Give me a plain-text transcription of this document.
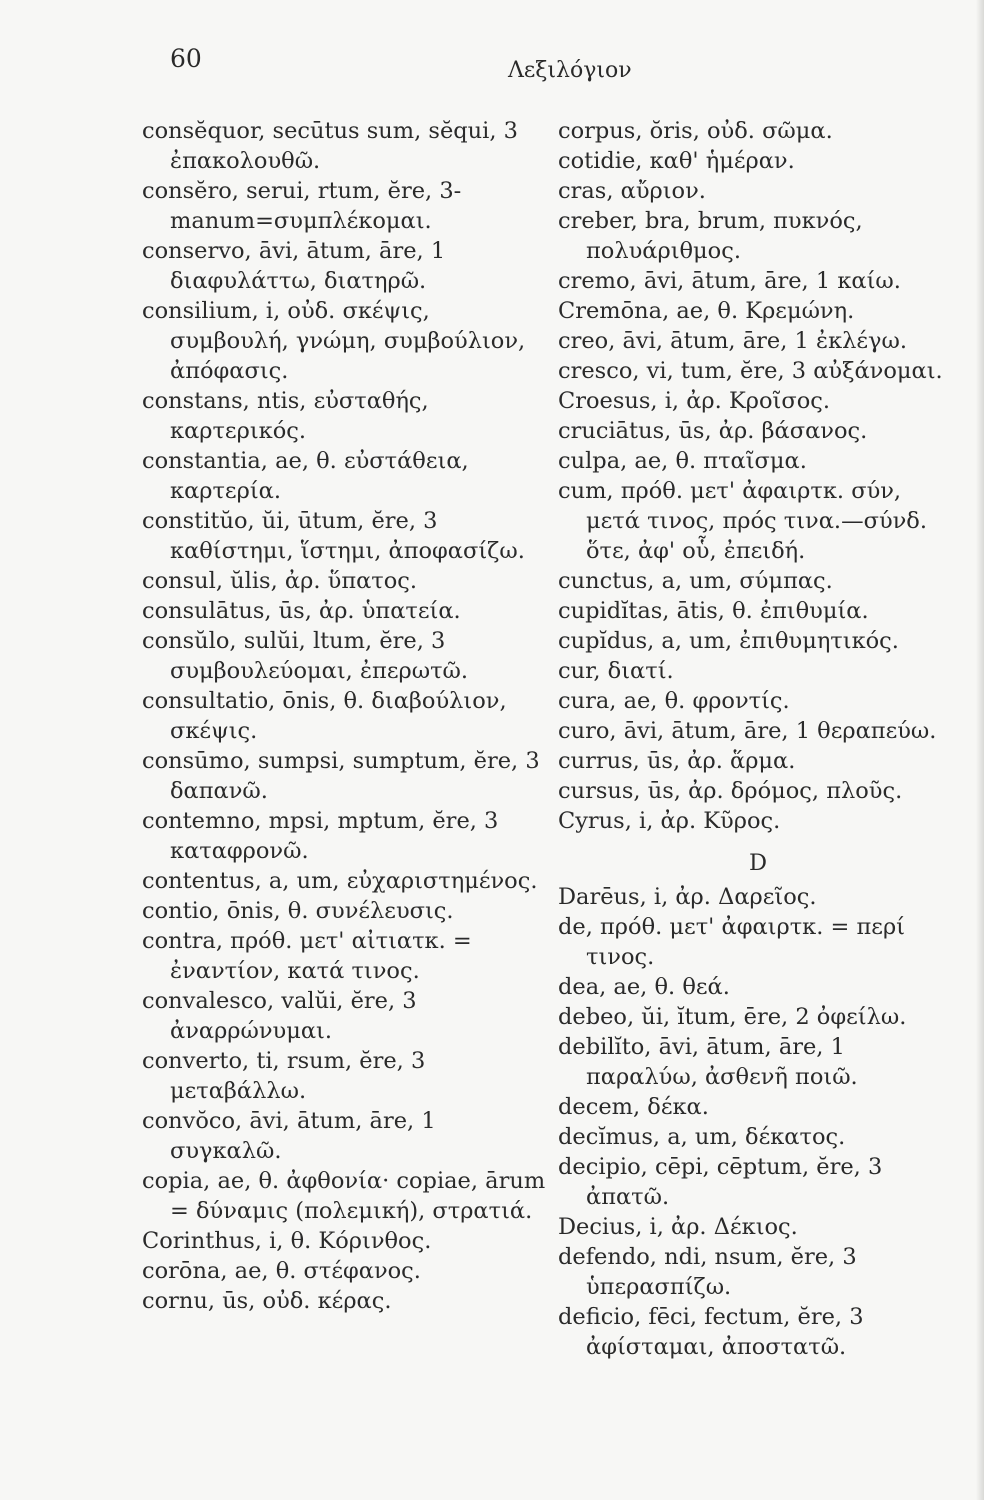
60	Λεξιλόγιον

consĕquor, secūtus sum, sĕqui, 3 ἐπακολουθῶ.

consĕro, serui, rtum, ĕre, 3-manum=συμπλέκομαι.

conservo, āvi, ātum, āre, 1 διαφυλάττω, διατηρῶ.

consilium, i, οὐδ. σκέψις, συμβουλή, γνώμη, συμβούλιον, ἀπόφασις.

constans, ntis, εὐσταθής, καρτερικός.

constantia, ae, θ. εὐστάθεια, καρτερία.

constitŭo, ŭi, ūtum, ĕre, 3 καθίστημι, ἵστημι, ἀποφασίζω.

consul, ŭlis, ἀρ. ὕπατος.

consulātus, ūs, ἀρ. ὑπατεία.

consŭlo, sulŭi, ltum, ĕre, 3 συμβουλεύομαι, ἐπερωτῶ.

consultatio, ōnis, θ. διαβούλιον, σκέψις.

consūmo, sumpsi, sumptum, ĕre, 3 δαπανῶ.

contemno, mpsi, mptum, ĕre, 3 καταφρονῶ.

contentus, a, um, εὐχαριστημένος.

contio, ōnis, θ. συνέλευσις.

contra, πρόθ. μετ' αἰτιατκ. = ἐναντίον, κατά τινος.

convalesco, valŭi, ĕre, 3 ἀναρρώνυμαι.

converto, ti, rsum, ĕre, 3 μεταβάλλω.

convŏco, āvi, ātum, āre, 1 συγκαλῶ.

copia, ae, θ. ἀφθονία· copiae, ārum = δύναμις (πολεμική), στρατιά.

Corinthus, i, θ. Κόρινθος.

corōna, ae, θ. στέφανος.

cornu, ūs, οὐδ. κέρας.

corpus, ŏris, οὐδ. σῶμα.

cotidie, καθ' ἡμέραν.

cras, αὔριον.

creber, bra, brum, πυκνός, πολυάριθμος.

cremo, āvi, ātum, āre, 1 καίω.

Cremōna, ae, θ. Κρεμώνη.

creo, āvi, ātum, āre, 1 ἐκλέγω.

cresco, vi, tum, ĕre, 3 αὐξάνομαι.

Croesus, i, ἀρ. Κροῖσος.

cruciātus, ūs, ἀρ. βάσανος.

culpa, ae, θ. πταῖσμα.

cum, πρόθ. μετ' ἀφαιρτκ. σύν, μετά τινος, πρός τινα.—σύνδ. ὅτε, ἀφ' οὗ, ἐπειδή.

cunctus, a, um, σύμπας.

cupidĭtas, ātis, θ. ἐπιθυμία.

cupĭdus, a, um, ἐπιθυμητικός.

cur, διατί.

cura, ae, θ. φροντίς.

curo, āvi, ātum, āre, 1 θεραπεύω.

currus, ūs, ἀρ. ἅρμα.

cursus, ūs, ἀρ. δρόμος, πλοῦς.

Cyrus, i, ἀρ. Κῦρος.

D

Darēus, i, ἀρ. Δαρεῖος.

de, πρόθ. μετ' ἀφαιρτκ. = περί τινος.

dea, ae, θ. θεά.

debeo, ŭi, ĭtum, ēre, 2 ὀφείλω.

debilĭto, āvi, ātum, āre, 1 παραλύω, ἀσθενῆ ποιῶ.

decem, δέκα.

decĭmus, a, um, δέκατος.

decipio, cēpi, cēptum, ĕre, 3 ἀπατῶ.

Decius, i, ἀρ. Δέκιος.

defendo, ndi, nsum, ĕre, 3 ὑπερασπίζω.

deficio, fēci, fectum, ĕre, 3 ἀφίσταμαι, ἀποστατῶ.
